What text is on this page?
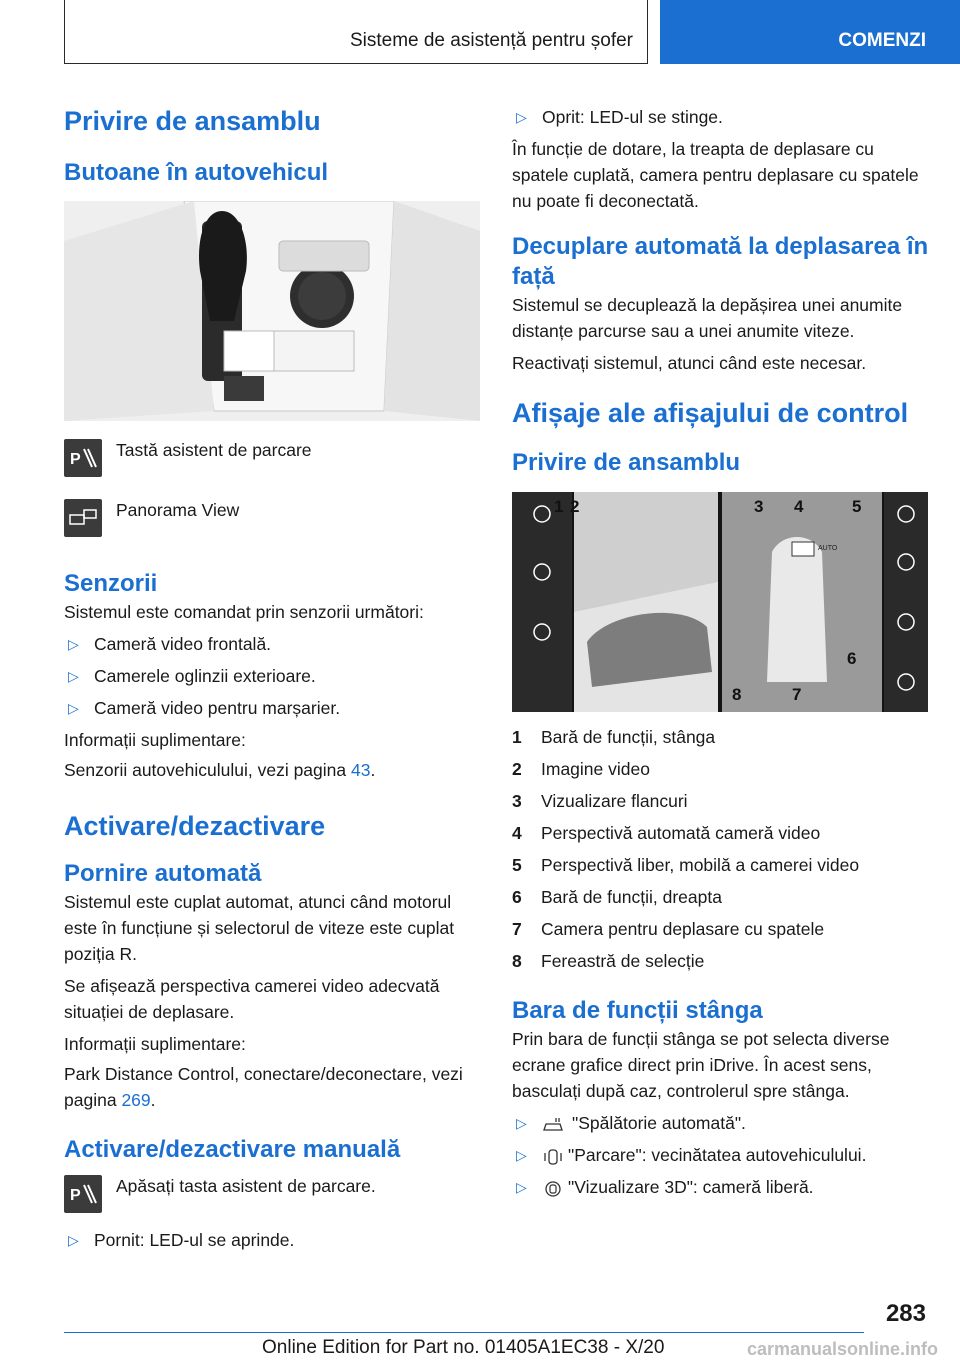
Sisteme de asistență pentru șofer	COMENZI
Privire de ansamblu
Butoane în autovehicul
P Tastă asistent de parcare
Panorama View
Senzorii
Sistemul este comandat prin senzorii următori:
▷ Cameră video frontală.
▷ Camerele oglinzii exterioare.
▷ Cameră video pentru marșarier.
Informații suplimentare:
Senzorii autovehiculului, vezi pagina 43.
Activare/dezactivare
Pornire automată
Sistemul este cuplat automat, atunci când motorul este în funcțiune și selectorul de viteze este cuplat poziția R.
Se afișează perspectiva camerei video adecvată situației de deplasare.
Informații suplimentare:
Park Distance Control, conectare/deconectare, vezi pagina 269.
Activare/dezactivare manuală
P Apăsați tasta asistent de parcare.
▷ Pornit: LED-ul se aprinde.
▷ Oprit: LED-ul se stinge.
În funcție de dotare, la treapta de deplasare cu spatele cuplată, camera pentru deplasare cu spatele nu poate fi deconectată.
Decuplare automată la deplasarea în față
Sistemul se decuplează la depășirea unei anumite distanțe parcurse sau a unei anumite viteze.
Reactivați sistemul, atunci când este necesar.
Afișaje ale afișajului de control
Privire de ansamblu
AUTO
1 2	3 4	5
6
7
8
1 Bară de funcții, stânga
2 Imagine video
3 Vizualizare flancuri
4 Perspectivă automată cameră video
5 Perspectivă liber, mobilă a camerei video
6 Bară de funcții, dreapta
7 Camera pentru deplasare cu spatele
8 Fereastră de selecție
Bara de funcții stânga
Prin bara de funcții stânga se pot selecta diverse ecrane grafice direct prin iDrive. În acest sens, basculați după caz, controlerul spre stânga.
▷	"Spălătorie automată".
▷ "Parcare": vecinătatea autovehiculului.
▷ "Vizualizare 3D": cameră liberă.
283
Online Edition for Part no. 01405A1EC38 - X/20	carmanualsonline.info
